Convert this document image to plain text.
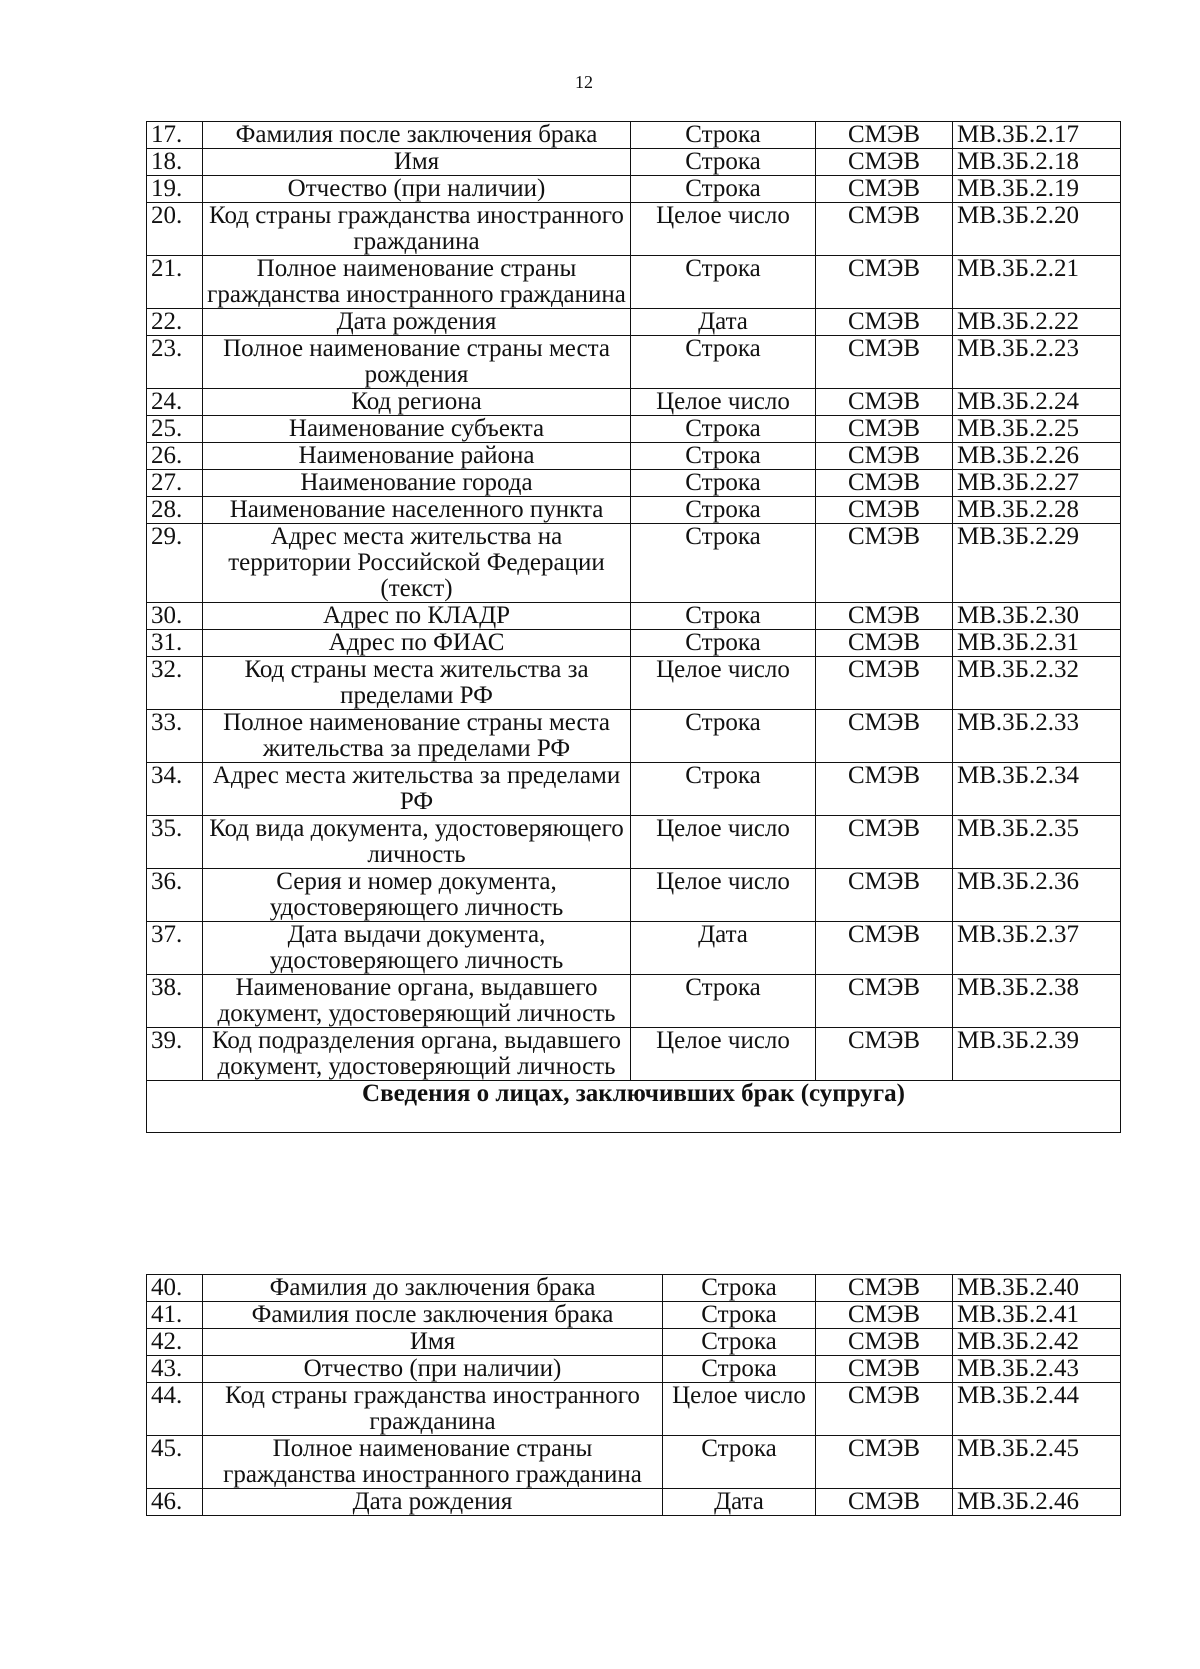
12
17.	Фамилия после заключения брака	Строка	СМЭВ	МВ.3Б.2.17
18.	Имя	Строка	СМЭВ	МВ.3Б.2.18
19.	Отчество (при наличии)	Строка	СМЭВ	МВ.3Б.2.19
20.	Код страны гражданства иностранного гражданина	Целое число	СМЭВ	МВ.3Б.2.20
21.	Полное наименование страны гражданства иностранного гражданина	Строка	СМЭВ	МВ.3Б.2.21
22.	Дата рождения	Дата	СМЭВ	МВ.3Б.2.22
23.	Полное наименование страны места рождения	Строка	СМЭВ	МВ.3Б.2.23
24.	Код региона	Целое число	СМЭВ	МВ.3Б.2.24
25.	Наименование субъекта	Строка	СМЭВ	МВ.3Б.2.25
26.	Наименование района	Строка	СМЭВ	МВ.3Б.2.26
27.	Наименование города	Строка	СМЭВ	МВ.3Б.2.27
28.	Наименование населенного пункта	Строка	СМЭВ	МВ.3Б.2.28
29.	Адрес места жительства на территории Российской Федерации (текст)	Строка	СМЭВ	МВ.3Б.2.29
30.	Адрес по КЛАДР	Строка	СМЭВ	МВ.3Б.2.30
31.	Адрес по ФИАС	Строка	СМЭВ	МВ.3Б.2.31
32.	Код страны места жительства за пределами РФ	Целое число	СМЭВ	МВ.3Б.2.32
33.	Полное наименование страны места жительства за пределами РФ	Строка	СМЭВ	МВ.3Б.2.33
34.	Адрес места жительства за пределами РФ	Строка	СМЭВ	МВ.3Б.2.34
35.	Код вида документа, удостоверяющего личность	Целое число	СМЭВ	МВ.3Б.2.35
36.	Серия и номер документа, удостоверяющего личность	Целое число	СМЭВ	МВ.3Б.2.36
37.	Дата выдачи документа, удостоверяющего личность	Дата	СМЭВ	МВ.3Б.2.37
38.	Наименование органа, выдавшего документ, удостоверяющий личность	Строка	СМЭВ	МВ.3Б.2.38
39.	Код подразделения органа, выдавшего документ, удостоверяющий личность	Целое число	СМЭВ	МВ.3Б.2.39
Сведения о лицах, заключивших брак (супруга)				
40.	Фамилия до заключения брака	Строка	СМЭВ	МВ.3Б.2.40
41.	Фамилия после заключения брака	Строка	СМЭВ	МВ.3Б.2.41
42.	Имя	Строка	СМЭВ	МВ.3Б.2.42
43.	Отчество (при наличии)	Строка	СМЭВ	МВ.3Б.2.43
44.	Код страны гражданства иностранного гражданина	Целое число	СМЭВ	МВ.3Б.2.44
45.	Полное наименование страны гражданства иностранного гражданина	Строка	СМЭВ	МВ.3Б.2.45
46.	Дата рождения	Дата	СМЭВ	МВ.3Б.2.46
